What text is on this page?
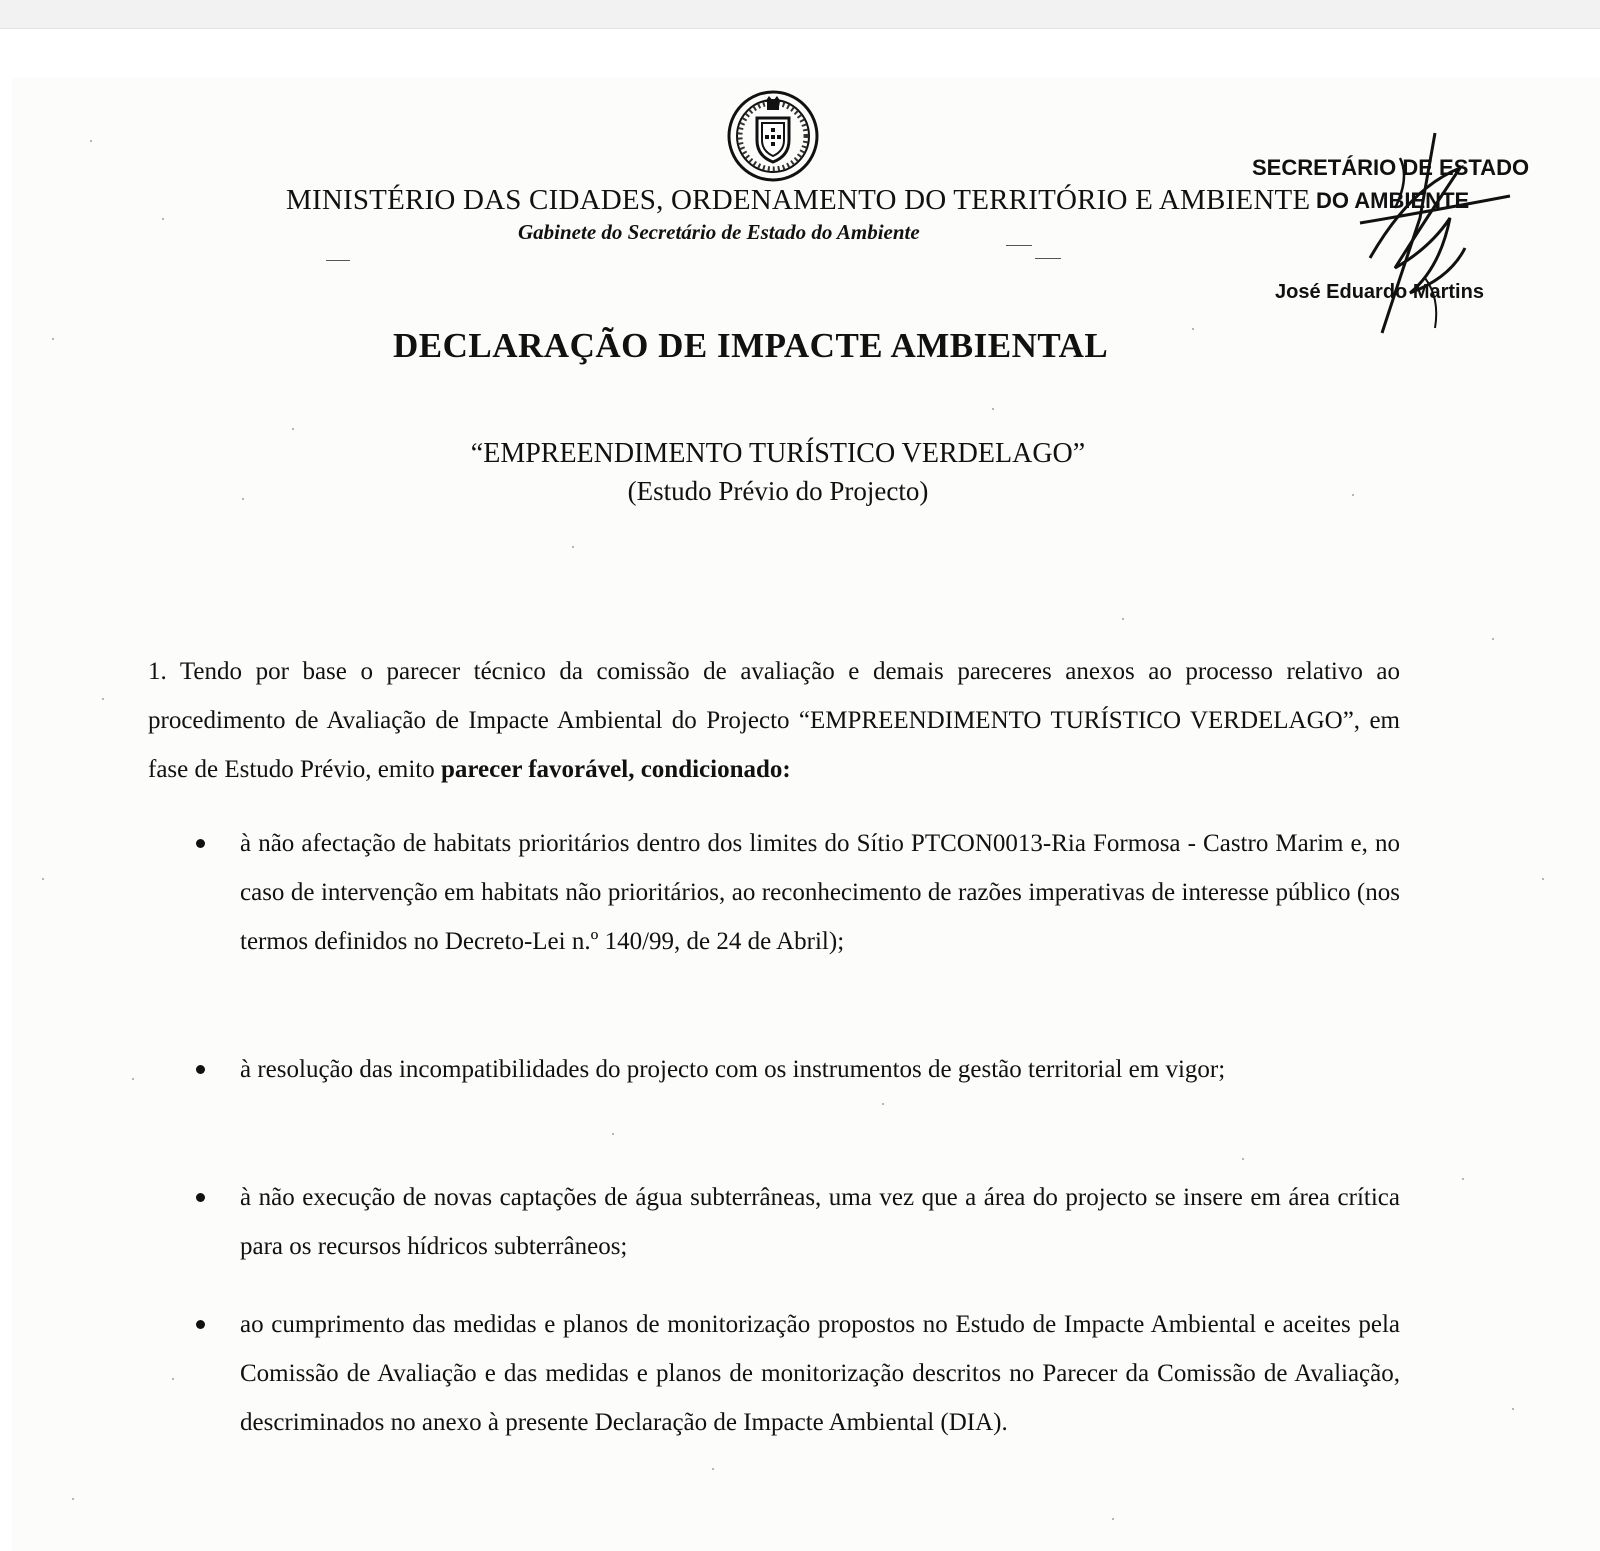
MINISTÉRIO DAS CIDADES, ORDENAMENTO DO TERRITÓRIO E AMBIENTE
Gabinete do Secretário de Estado do Ambiente
SECRETÁRIO DE ESTADO
DO AMBIENTE
José Eduardo Martins
DECLARAÇÃO DE IMPACTE AMBIENTAL
“EMPREENDIMENTO TURÍSTICO VERDELAGO”
(Estudo Prévio do Projecto)
1. Tendo por base o parecer técnico da comissão de avaliação e demais pareceres anexos ao processo relativo ao procedimento de Avaliação de Impacte Ambiental do Projecto “EMPREENDIMENTO TURÍSTICO VERDELAGO”, em fase de Estudo Prévio, emito parecer favorável, condicionado:
à não afectação de habitats prioritários dentro dos limites do Sítio PTCON0013-Ria Formosa - Castro Marim e, no caso de intervenção em habitats não prioritários, ao reconhecimento de razões imperativas de interesse público (nos termos definidos no Decreto-Lei n.º 140/99, de 24 de Abril);
à resolução das incompatibilidades do projecto com os instrumentos de gestão territorial em vigor;
à não execução de novas captações de água subterrâneas, uma vez que a área do projecto se insere em área crítica para os recursos hídricos subterrâneos;
ao cumprimento das medidas e planos de monitorização propostos no Estudo de Impacte Ambiental e aceites pela Comissão de Avaliação e das medidas e planos de monitorização descritos no Parecer da Comissão de Avaliação, descriminados no anexo à presente Declaração de Impacte Ambiental (DIA).
